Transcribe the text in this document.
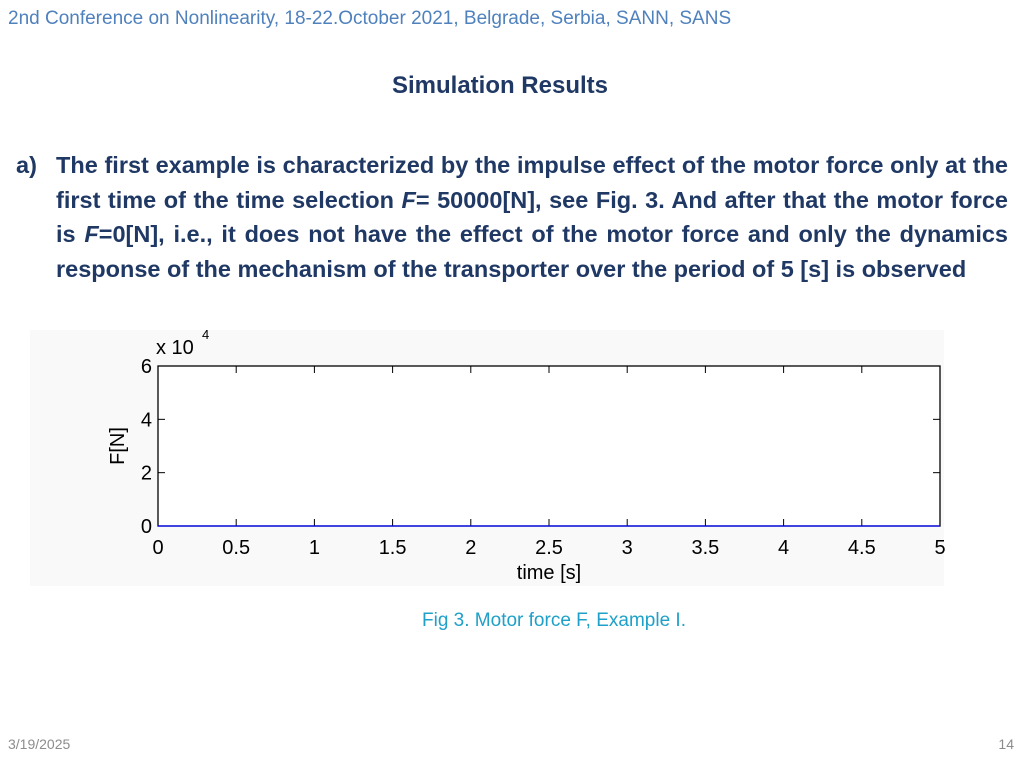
2nd Conference on Nonlinearity, 18-22.October 2021, Belgrade, Serbia, SANN, SANS
Simulation Results
a) The first example is characterized by the impulse effect of the motor force only at the first time of the time selection F= 50000[N], see Fig. 3. And after that the motor force is F=0[N], i.e., it does not have the effect of the motor force and only the dynamics response of the mechanism of the transporter over the period of 5 [s] is observed
x 10
4
F[N]
time [s]
0	0.5	1	1.5	2	2.5	3	3.5	4	4.5	5
0
2
4
6
Fig 3. Motor force F, Example I.
3/19/2025	14
